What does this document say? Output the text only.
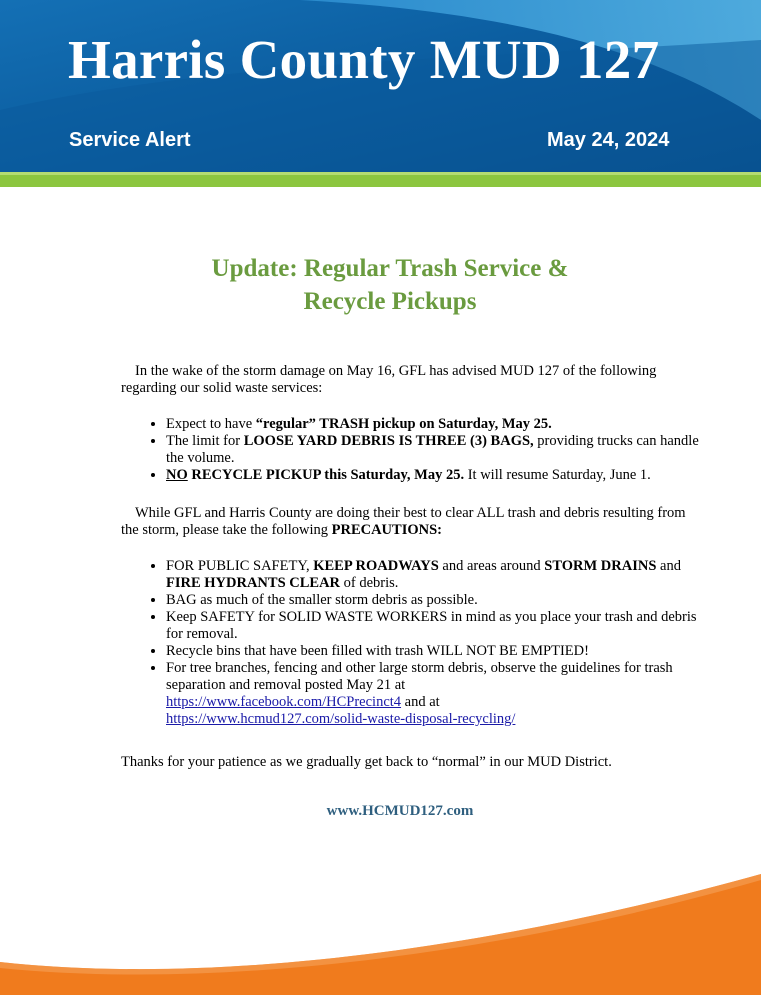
Harris County MUD 127
Service Alert	May 24, 2024
Update: Regular Trash Service &
Recycle Pickups

In the wake of the storm damage on May 16, GFL has advised MUD 127 of the following regarding our solid waste services:

• Expect to have “regular” TRASH pickup on Saturday, May 25.
• The limit for LOOSE YARD DEBRIS IS THREE (3) BAGS, providing trucks can handle the volume.
• NO RECYCLE PICKUP this Saturday, May 25. It will resume Saturday, June 1.

While GFL and Harris County are doing their best to clear ALL trash and debris resulting from the storm, please take the following PRECAUTIONS:

• FOR PUBLIC SAFETY, KEEP ROADWAYS and areas around STORM DRAINS and FIRE HYDRANTS CLEAR of debris.
• BAG as much of the smaller storm debris as possible.
• Keep SAFETY for SOLID WASTE WORKERS in mind as you place your trash and debris for removal.
• Recycle bins that have been filled with trash WILL NOT BE EMPTIED!
• For tree branches, fencing and other large storm debris, observe the guidelines for trash separation and removal posted May 21 at
https://www.facebook.com/HCPrecinct4 and at
https://www.hcmud127.com/solid-waste-disposal-recycling/

Thanks for your patience as we gradually get back to “normal” in our MUD District.

www.HCMUD127.com
